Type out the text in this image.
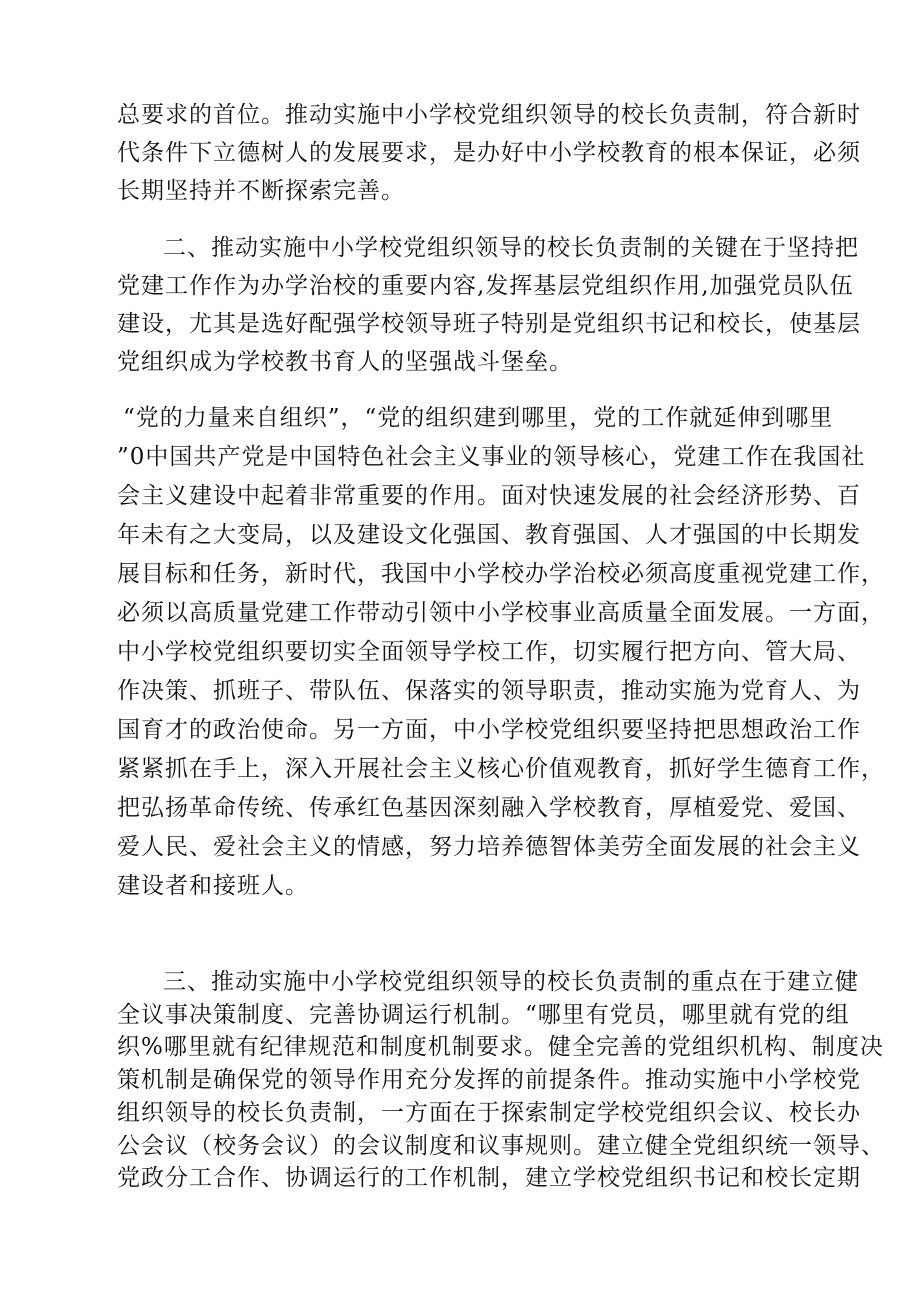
总要求的首位。推动实施中小学校党组织领导的校长负责制，符合新时
代条件下立德树人的发展要求，是办好中小学校教育的根本保证，必须
长期坚持并不断探索完善。
二、推动实施中小学校党组织领导的校长负责制的关键在于坚持把
党建工作作为办学治校的重要内容,发挥基层党组织作用,加强党员队伍
建设，尤其是选好配强学校领导班子特别是党组织书记和校长，使基层
党组织成为学校教书育人的坚强战斗堡垒。
“党的力量来自组织”，“党的组织建到哪里，党的工作就延伸到哪里
”0中国共产党是中国特色社会主义事业的领导核心，党建工作在我国社
会主义建设中起着非常重要的作用。面对快速发展的社会经济形势、百
年未有之大变局，以及建设文化强国、教育强国、人才强国的中长期发
展目标和任务，新时代，我国中小学校办学治校必须高度重视党建工作，
必须以高质量党建工作带动引领中小学校事业高质量全面发展。一方面，
中小学校党组织要切实全面领导学校工作，切实履行把方向、管大局、
作决策、抓班子、带队伍、保落实的领导职责，推动实施为党育人、为
国育才的政治使命。另一方面，中小学校党组织要坚持把思想政治工作
紧紧抓在手上，深入开展社会主义核心价值观教育，抓好学生德育工作，
把弘扬革命传统、传承红色基因深刻融入学校教育，厚植爱党、爱国、
爱人民、爱社会主义的情感，努力培养德智体美劳全面发展的社会主义
建设者和接班人。
三、推动实施中小学校党组织领导的校长负责制的重点在于建立健
全议事决策制度、完善协调运行机制。“哪里有党员，哪里就有党的组
织%哪里就有纪律规范和制度机制要求。健全完善的党组织机构、制度决
策机制是确保党的领导作用充分发挥的前提条件。推动实施中小学校党
组织领导的校长负责制，一方面在于探索制定学校党组织会议、校长办
公会议（校务会议）的会议制度和议事规则。建立健全党组织统一领导、
党政分工合作、协调运行的工作机制，建立学校党组织书记和校长定期
